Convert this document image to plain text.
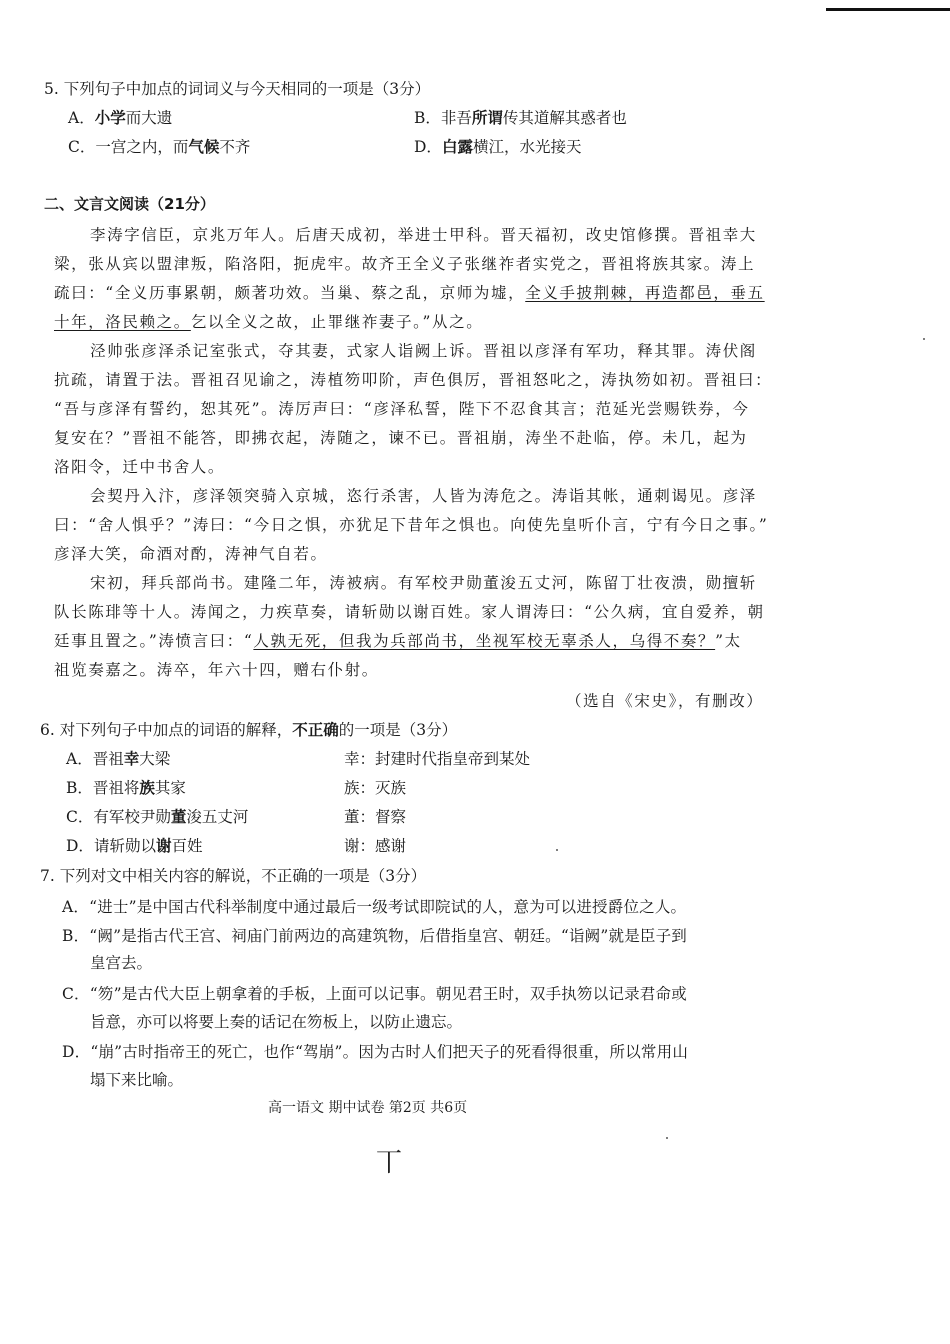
5. 下列句子中加点的词词义与今天相同的一项是（3分）
A．小学而大遗	B．非吾所谓传其道解其惑者也
C．一宫之内，而气候不齐	D．白露横江，水光接天
二、文言文阅读（21分）
李涛字信臣，京兆万年人。后唐天成初，举进士甲科。晋天福初，改史馆修撰。晋祖幸大
梁，张从宾以盟津叛，陷洛阳，扼虎牢。故齐王全义子张继祚者实党之，晋祖将族其家。涛上
疏曰：“全义历事累朝，颇著功效。当巢、蔡之乱，京师为墟，全义手披荆棘，再造都邑，垂五
十年，洛民赖之。乞以全义之故，止罪继祚妻子。”从之。
泾帅张彦泽杀记室张式，夺其妻，式家人诣阙上诉。晋祖以彦泽有军功，释其罪。涛伏阁
抗疏，请置于法。晋祖召见谕之，涛植笏叩阶，声色俱厉，晋祖怒叱之，涛执笏如初。晋祖曰：
“吾与彦泽有誓约，恕其死”。涛厉声曰：“彦泽私誓，陛下不忍食其言；范延光尝赐铁券，今
复安在？”晋祖不能答，即拂衣起，涛随之，谏不已。晋祖崩，涛坐不赴临，停。未几，起为
洛阳令，迁中书舍人。
会契丹入汴，彦泽领突骑入京城，恣行杀害，人皆为涛危之。涛诣其帐，通刺谒见。彦泽
曰：“舍人惧乎？”涛曰：“今日之惧，亦犹足下昔年之惧也。向使先皇听仆言，宁有今日之事。”
彦泽大笑，命酒对酌，涛神气自若。
宋初，拜兵部尚书。建隆二年，涛被病。有军校尹勋董浚五丈河，陈留丁壮夜溃，勋擅斩
队长陈琲等十人。涛闻之，力疾草奏，请斩勋以谢百姓。家人谓涛曰：“公久病，宜自爱养，朝
廷事且置之。”涛愤言曰：“人孰无死，但我为兵部尚书，坐视军校无辜杀人，乌得不奏？”太
祖览奏嘉之。涛卒，年六十四，赠右仆射。
（选自《宋史》，有删改）
6. 对下列句子中加点的词语的解释，不正确的一项是（3分）
A．晋祖幸大梁	幸：封建时代指皇帝到某处
B．晋祖将族其家	族：灭族
C．有军校尹勋董浚五丈河	董：督察
D．请斩勋以谢百姓	谢：感谢
7. 下列对文中相关内容的解说，不正确的一项是（3分）
A．“进士”是中国古代科举制度中通过最后一级考试即院试的人，意为可以进授爵位之人。
B．“阙”是指古代王宫、祠庙门前两边的高建筑物，后借指皇宫、朝廷。“诣阙”就是臣子到
皇宫去。
C．“笏”是古代大臣上朝拿着的手板，上面可以记事。朝见君王时，双手执笏以记录君命或
旨意，亦可以将要上奏的话记在笏板上，以防止遗忘。
D．“崩”古时指帝王的死亡，也作“驾崩”。因为古时人们把天子的死看得很重，所以常用山
塌下来比喻。
高一语文 期中试卷 第2页 共6页
丅
